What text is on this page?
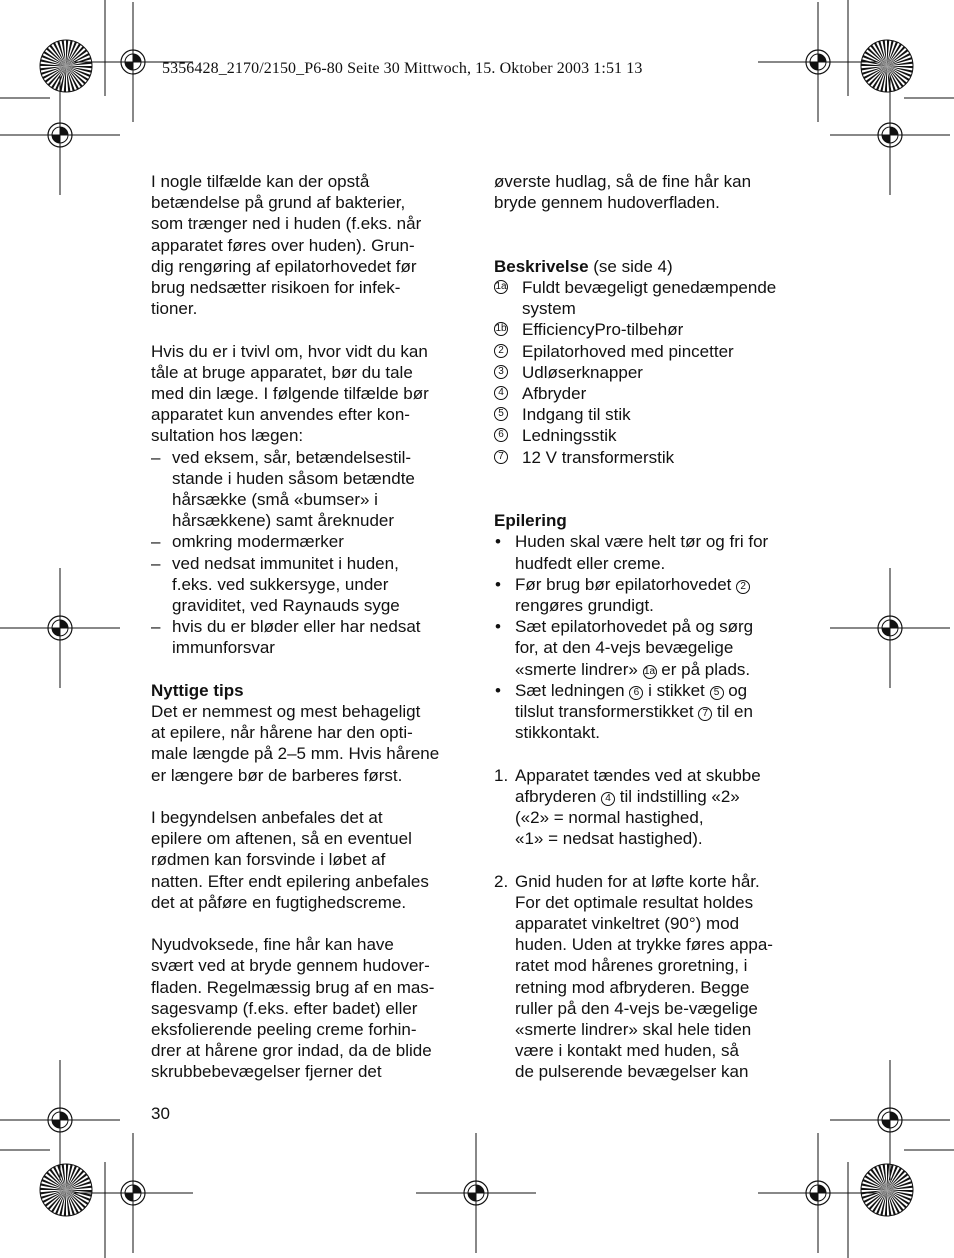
5356428_2170/2150_P6-80 Seite 30 Mittwoch, 15. Oktober 2003 1:51 13

I nogle tilfælde kan der opstå
betændelse på grund af bakterier,
som trænger ned i huden (f.eks. når
apparatet føres over huden). Grun-
dig rengøring af epilatorhovedet før
brug nedsætter risikoen for infek-
tioner.

Hvis du er i tvivl om, hvor vidt du kan
tåle at bruge apparatet, bør du tale
med din læge. I følgende tilfælde bør
apparatet kun anvendes efter kon-
sultation hos lægen:

– ved eksem, sår, betændelsestil-
stande i huden såsom betændte
hårsække (små «bumser» i
hårsækkene) samt åreknuder
– omkring modermærker
– ved nedsat immunitet i huden,
f.eks. ved sukkersyge, under
graviditet, ved Raynauds syge
– hvis du er bløder eller har nedsat
immunforsvar

Nyttige tips

Det er nemmest og mest behageligt
at epilere, når hårene har den opti-
male længde på 2–5 mm. Hvis hårene
er længere bør de barberes først.

I begyndelsen anbefales det at
epilere om aftenen, så en eventuel
rødmen kan forsvinde i løbet af
natten. Efter endt epilering anbefales
det at påføre en fugtighedscreme.

Nyudvoksede, fine hår kan have
svært ved at bryde gennem hudover-
fladen. Regelmæssig brug af en mas-
sagesvamp (f.eks. efter badet) eller
eksfolierende peeling creme forhin-
drer at hårene gror indad, da de blide
skrubbebevægelser fjerner det

øverste hudlag, så de fine hår kan
bryde gennem hudoverfladen.

Beskrivelse (se side 4)

1a Fuldt bevægeligt genedæmpende
system
1b EfficiencyPro-tilbehør
2 Epilatorhoved med pincetter
3 Udløserknapper
4 Afbryder
5 Indgang til stik
6 Ledningsstik
7 12 V transformerstik

Epilering

• Huden skal være helt tør og fri for
hudfedt eller creme.
• Før brug bør epilatorhovedet 2
rengøres grundigt.
• Sæt epilatorhovedet på og sørg
for, at den 4-vejs bevægelige
«smerte lindrer» 1a er på plads.
• Sæt ledningen 6 i stikket 5 og
tilslut transformerstikket 7 til en
stikkontakt.
1. Apparatet tændes ved at skubbe
afbryderen 4 til indstilling «2»
(«2» = normal hastighed,
«1» = nedsat hastighed).
2. Gnid huden for at løfte korte hår.
For det optimale resultat holdes
apparatet vinkeltret (90°) mod
huden. Uden at trykke føres appa-
ratet mod hårenes groretning, i
retning mod afbryderen. Begge
ruller på den 4-vejs be-vægelige
«smerte lindrer» skal hele tiden
være i kontakt med huden, så
de pulserende bevægelser kan

30
